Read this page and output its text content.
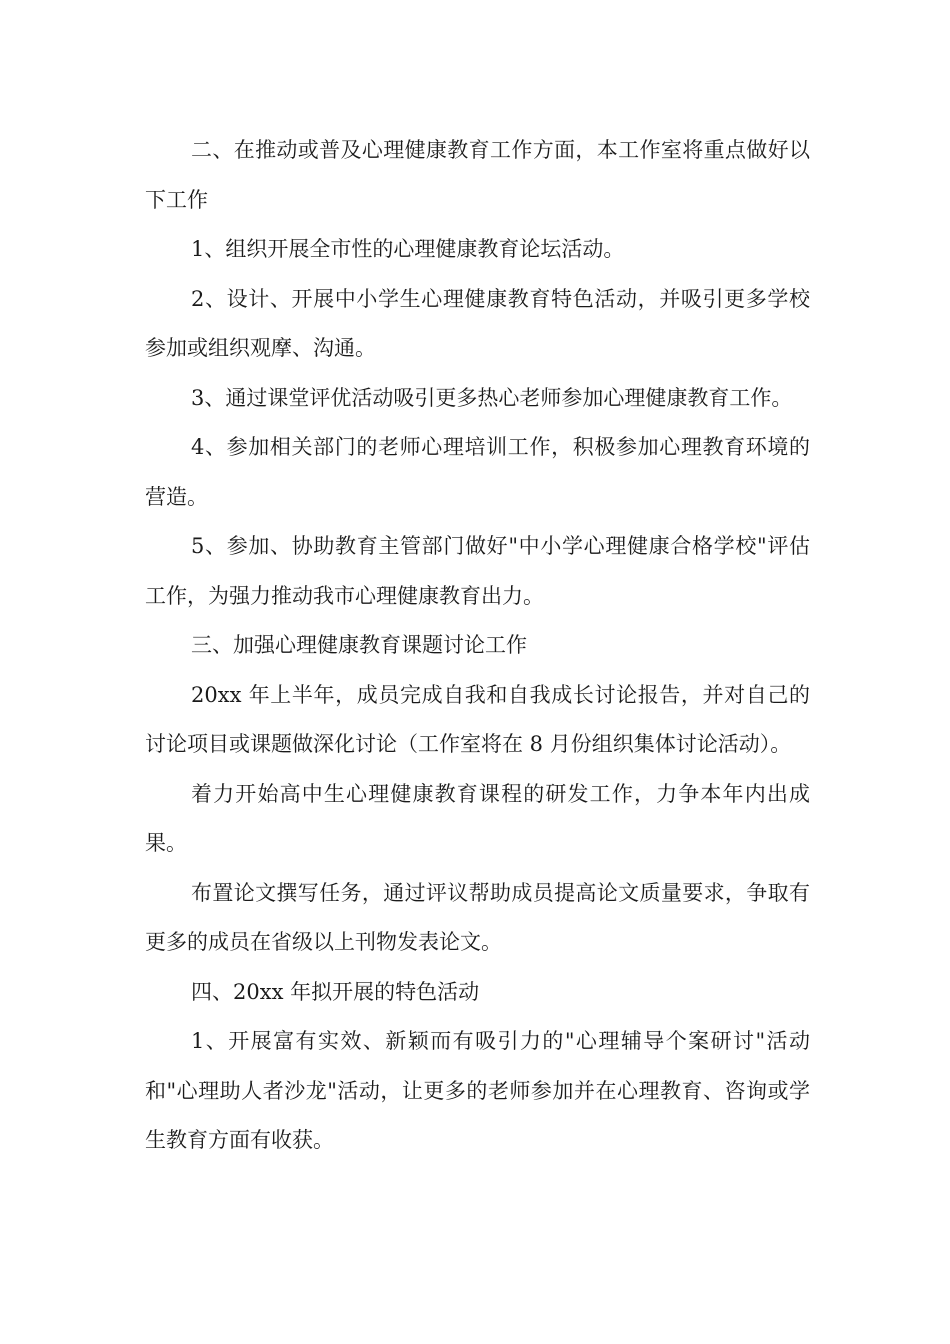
二、在推动或普及心理健康教育工作方面，本工作室将重点做好以下工作

1、组织开展全市性的心理健康教育论坛活动。

2、设计、开展中小学生心理健康教育特色活动，并吸引更多学校参加或组织观摩、沟通。

3、通过课堂评优活动吸引更多热心老师参加心理健康教育工作。

4、参加相关部门的老师心理培训工作，积极参加心理教育环境的营造。

5、参加、协助教育主管部门做好"中小学心理健康合格学校"评估工作，为强力推动我市心理健康教育出力。

三、加强心理健康教育课题讨论工作

20xx 年上半年，成员完成自我和自我成长讨论报告，并对自己的讨论项目或课题做深化讨论（工作室将在 8 月份组织集体讨论活动）。

着力开始高中生心理健康教育课程的研发工作，力争本年内出成果。

布置论文撰写任务，通过评议帮助成员提高论文质量要求，争取有更多的成员在省级以上刊物发表论文。

四、20xx 年拟开展的特色活动

1、开展富有实效、新颖而有吸引力的"心理辅导个案研讨"活动和"心理助人者沙龙"活动，让更多的老师参加并在心理教育、咨询或学生教育方面有收获。
